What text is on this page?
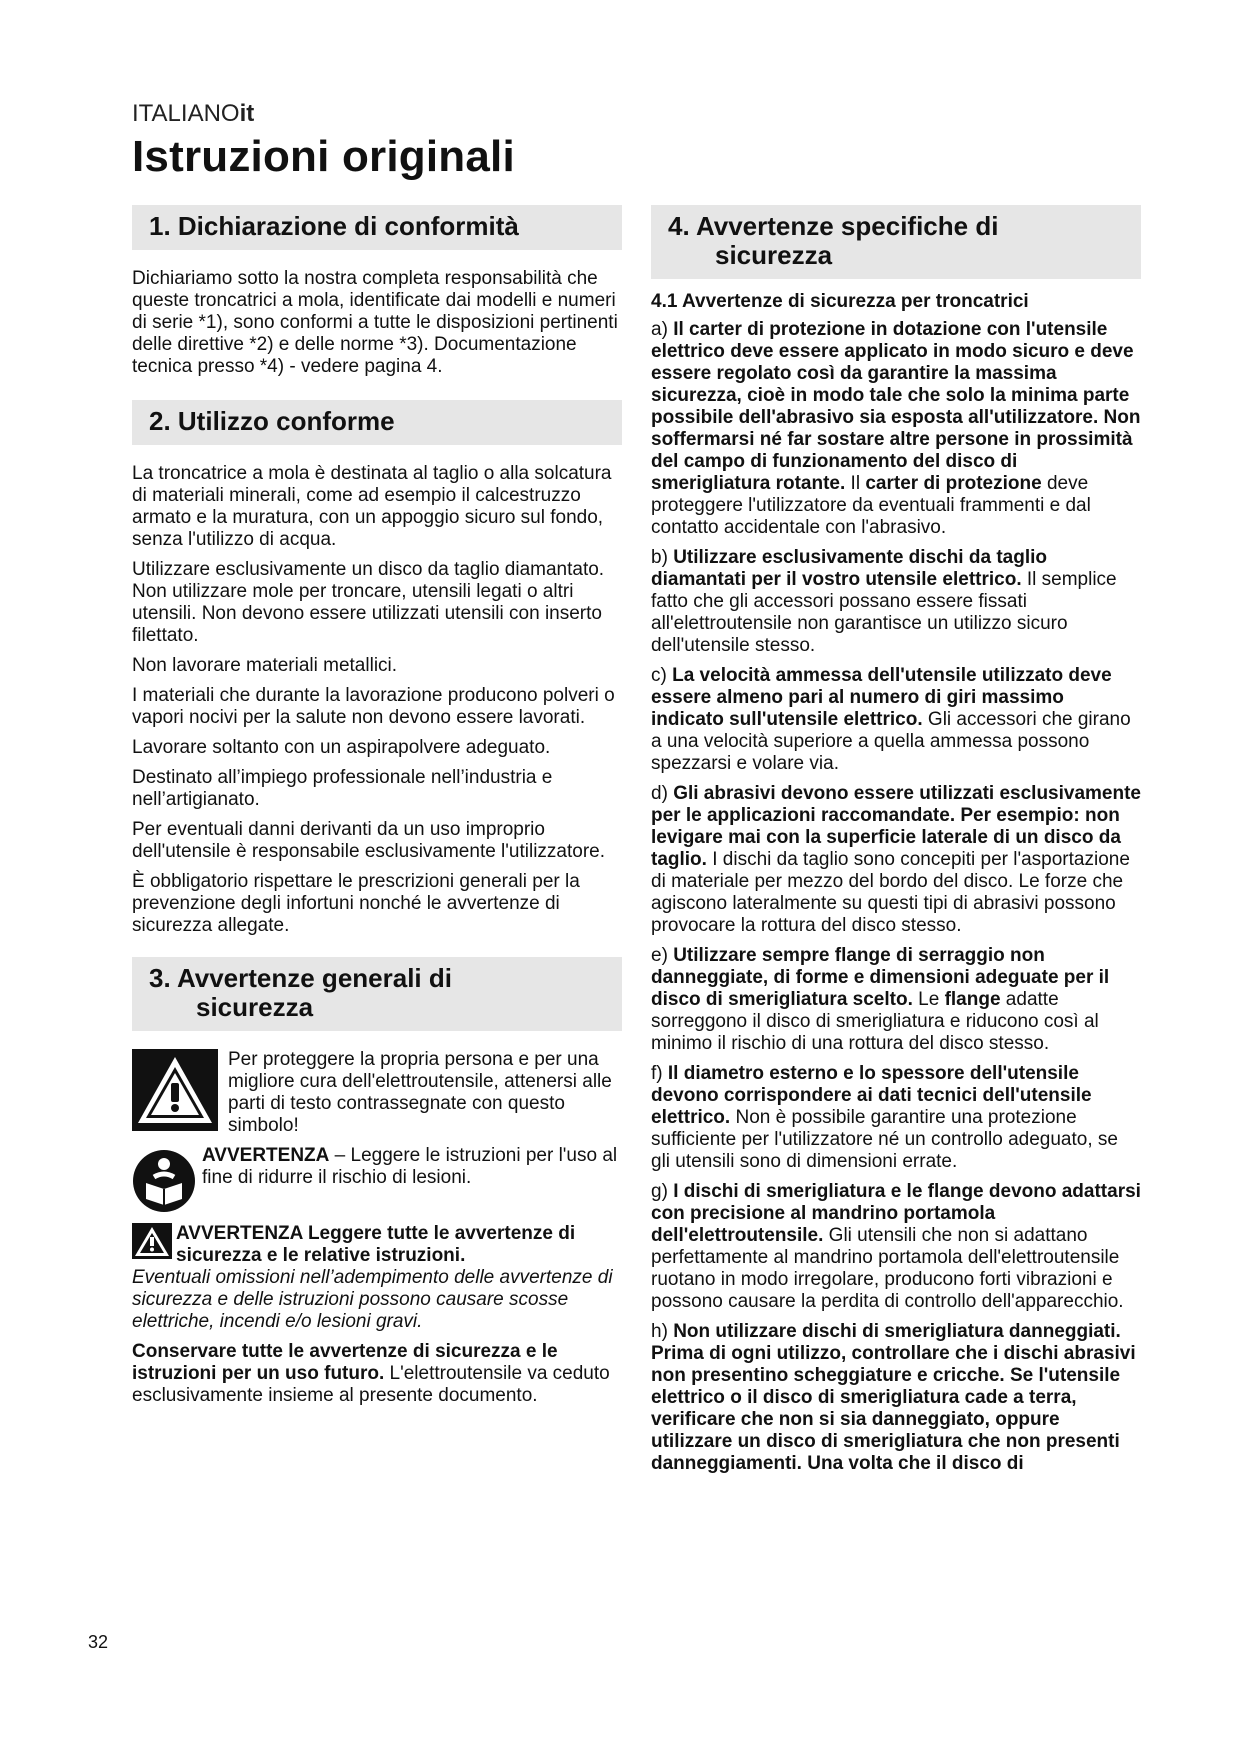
ITALIANOit
Istruzioni originali
1. Dichiarazione di conformità

Dichiariamo sotto la nostra completa responsabilità che queste troncatrici a mola, identificate dai modelli e numeri di serie *1), sono conformi a tutte le disposizioni pertinenti delle direttive *2) e delle norme *3). Documentazione tecnica presso *4) - vedere pagina 4.

2. Utilizzo conforme

La troncatrice a mola è destinata al taglio o alla solcatura di materiali minerali, come ad esempio il calcestruzzo armato e la muratura, con un appoggio sicuro sul fondo, senza l'utilizzo di acqua.

Utilizzare esclusivamente un disco da taglio diamantato. Non utilizzare mole per troncare, utensili legati o altri utensili. Non devono essere utilizzati utensili con inserto filettato.

Non lavorare materiali metallici.

I materiali che durante la lavorazione producono polveri o vapori nocivi per la salute non devono essere lavorati.

Lavorare soltanto con un aspirapolvere adeguato.

Destinato all’impiego professionale nell’industria e nell’artigianato.

Per eventuali danni derivanti da un uso improprio dell'utensile è responsabile esclusivamente l'utilizzatore.

È obbligatorio rispettare le prescrizioni generali per la prevenzione degli infortuni nonché le avvertenze di sicurezza allegate.

3. Avvertenze generali di
sicurezza
Per proteggere la propria persona e per una migliore cura dell'elettroutensile, attenersi alle parti di testo contrassegnate con questo simbolo!
AVVERTENZA – Leggere le istruzioni per l'uso al fine di ridurre il rischio di lesioni.
AVVERTENZA Leggere tutte le avvertenze di sicurezza e le relative istruzioni.

Eventuali omissioni nell’adempimento delle avvertenze di sicurezza e delle istruzioni possono causare scosse elettriche, incendi e/o lesioni gravi.

Conservare tutte le avvertenze di sicurezza e le istruzioni per un uso futuro. L'elettroutensile va ceduto esclusivamente insieme al presente documento.

4. Avvertenze specifiche di
sicurezza
4.1 Avvertenze di sicurezza per troncatrici

a) Il carter di protezione in dotazione con l'utensile elettrico deve essere applicato in modo sicuro e deve essere regolato così da garantire la massima sicurezza, cioè in modo tale che solo la minima parte possibile dell'abrasivo sia esposta all'utilizzatore. Non soffermarsi né far sostare altre persone in prossimità del campo di funzionamento del disco di smerigliatura rotante. Il carter di protezione deve proteggere l'utilizzatore da eventuali frammenti e dal contatto accidentale con l'abrasivo.

b) Utilizzare esclusivamente dischi da taglio diamantati per il vostro utensile elettrico. Il semplice fatto che gli accessori possano essere fissati all'elettroutensile non garantisce un utilizzo sicuro dell'utensile stesso.

c) La velocità ammessa dell'utensile utilizzato deve essere almeno pari al numero di giri massimo indicato sull'utensile elettrico. Gli accessori che girano a una velocità superiore a quella ammessa possono spezzarsi e volare via.

d) Gli abrasivi devono essere utilizzati esclusivamente per le applicazioni raccomandate. Per esempio: non levigare mai con la superficie laterale di un disco da taglio. I dischi da taglio sono concepiti per l'asportazione di materiale per mezzo del bordo del disco. Le forze che agiscono lateralmente su questi tipi di abrasivi possono provocare la rottura del disco stesso.

e) Utilizzare sempre flange di serraggio non danneggiate, di forme e dimensioni adeguate per il disco di smerigliatura scelto. Le flange adatte sorreggono il disco di smerigliatura e riducono così al minimo il rischio di una rottura del disco stesso.

f) Il diametro esterno e lo spessore dell'utensile devono corrispondere ai dati tecnici dell'utensile elettrico. Non è possibile garantire una protezione sufficiente per l'utilizzatore né un controllo adeguato, se gli utensili sono di dimensioni errate.

g) I dischi di smerigliatura e le flange devono adattarsi con precisione al mandrino portamola dell'elettroutensile. Gli utensili che non si adattano perfettamente al mandrino portamola dell'elettroutensile ruotano in modo irregolare, producono forti vibrazioni e possono causare la perdita di controllo dell'apparecchio.

h) Non utilizzare dischi di smerigliatura danneggiati. Prima di ogni utilizzo, controllare che i dischi abrasivi non presentino scheggiature e cricche. Se l'utensile elettrico o il disco di smerigliatura cade a terra, verificare che non si sia danneggiato, oppure utilizzare un disco di smerigliatura che non presenti danneggiamenti. Una volta che il disco di

32
